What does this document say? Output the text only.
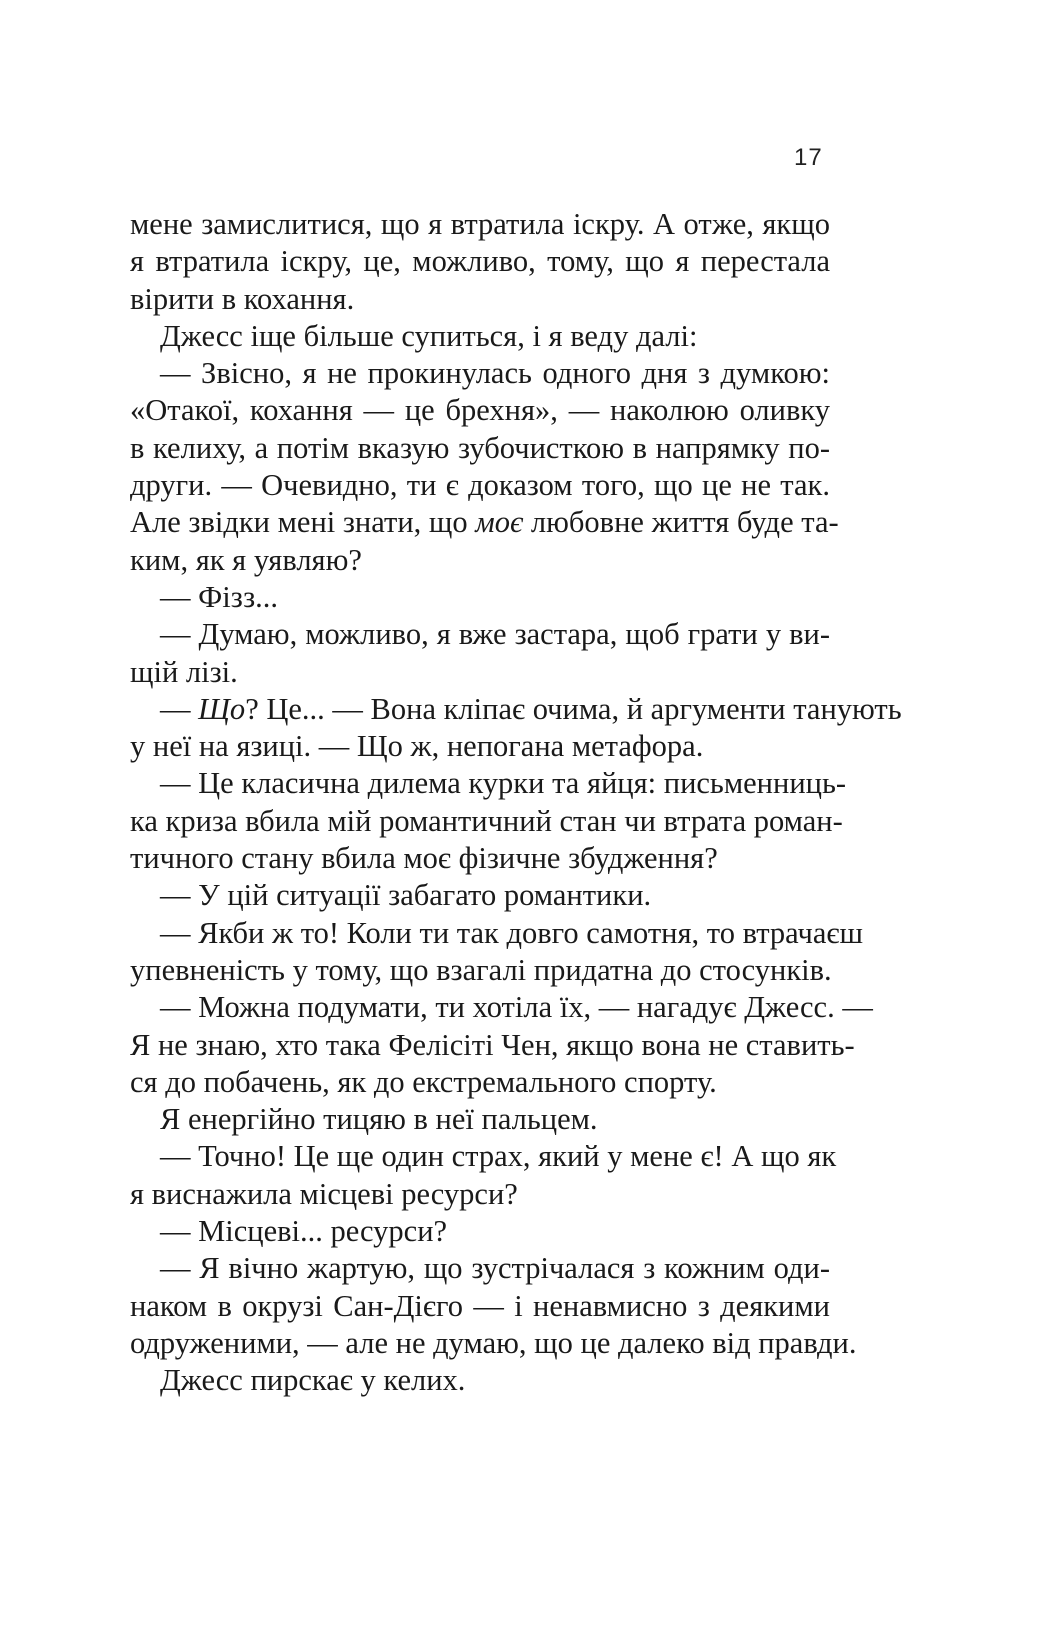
17
мене замислитися, що я втратила іскру. А отже, якщо
я втратила іскру, це, можливо, тому, що я перестала
вірити в кохання.
Джесс іще більше супиться, і я веду далі:
— Звісно, я не прокинулась одного дня з думкою:
«Отакої, кохання — це брехня», — наколюю оливку
в келиху, а потім вказую зубочисткою в напрямку по-
други. — Очевидно, ти є доказом того, що це не так.
Але звідки мені знати, що моє любовне життя буде та-
ким, як я уявляю?
— Фізз...
— Думаю, можливо, я вже застара, щоб грати у ви-
щій лізі.
— Що? Це... — Вона кліпає очима, й аргументи танують
у неї на язиці. — Що ж, непогана метафора.
— Це класична дилема курки та яйця: письменниць-
ка криза вбила мій романтичний стан чи втрата роман-
тичного стану вбила моє фізичне збудження?
— У цій ситуації забагато романтики.
— Якби ж то! Коли ти так довго самотня, то втрачаєш
упевненість у тому, що взагалі придатна до стосунків.
— Можна подумати, ти хотіла їх, — нагадує Джесс. —
Я не знаю, хто така Фелісіті Чен, якщо вона не ставить-
ся до побачень, як до екстремального спорту.
Я енергійно тицяю в неї пальцем.
— Точно! Це ще один страх, який у мене є! А що як
я виснажила місцеві ресурси?
— Місцеві... ресурси?
— Я вічно жартую, що зустрічалася з кожним оди-
наком в окрузі Сан-Дієго — і ненавмисно з деякими
одруженими, — але не думаю, що це далеко від правди.
Джесс пирскає у келих.
